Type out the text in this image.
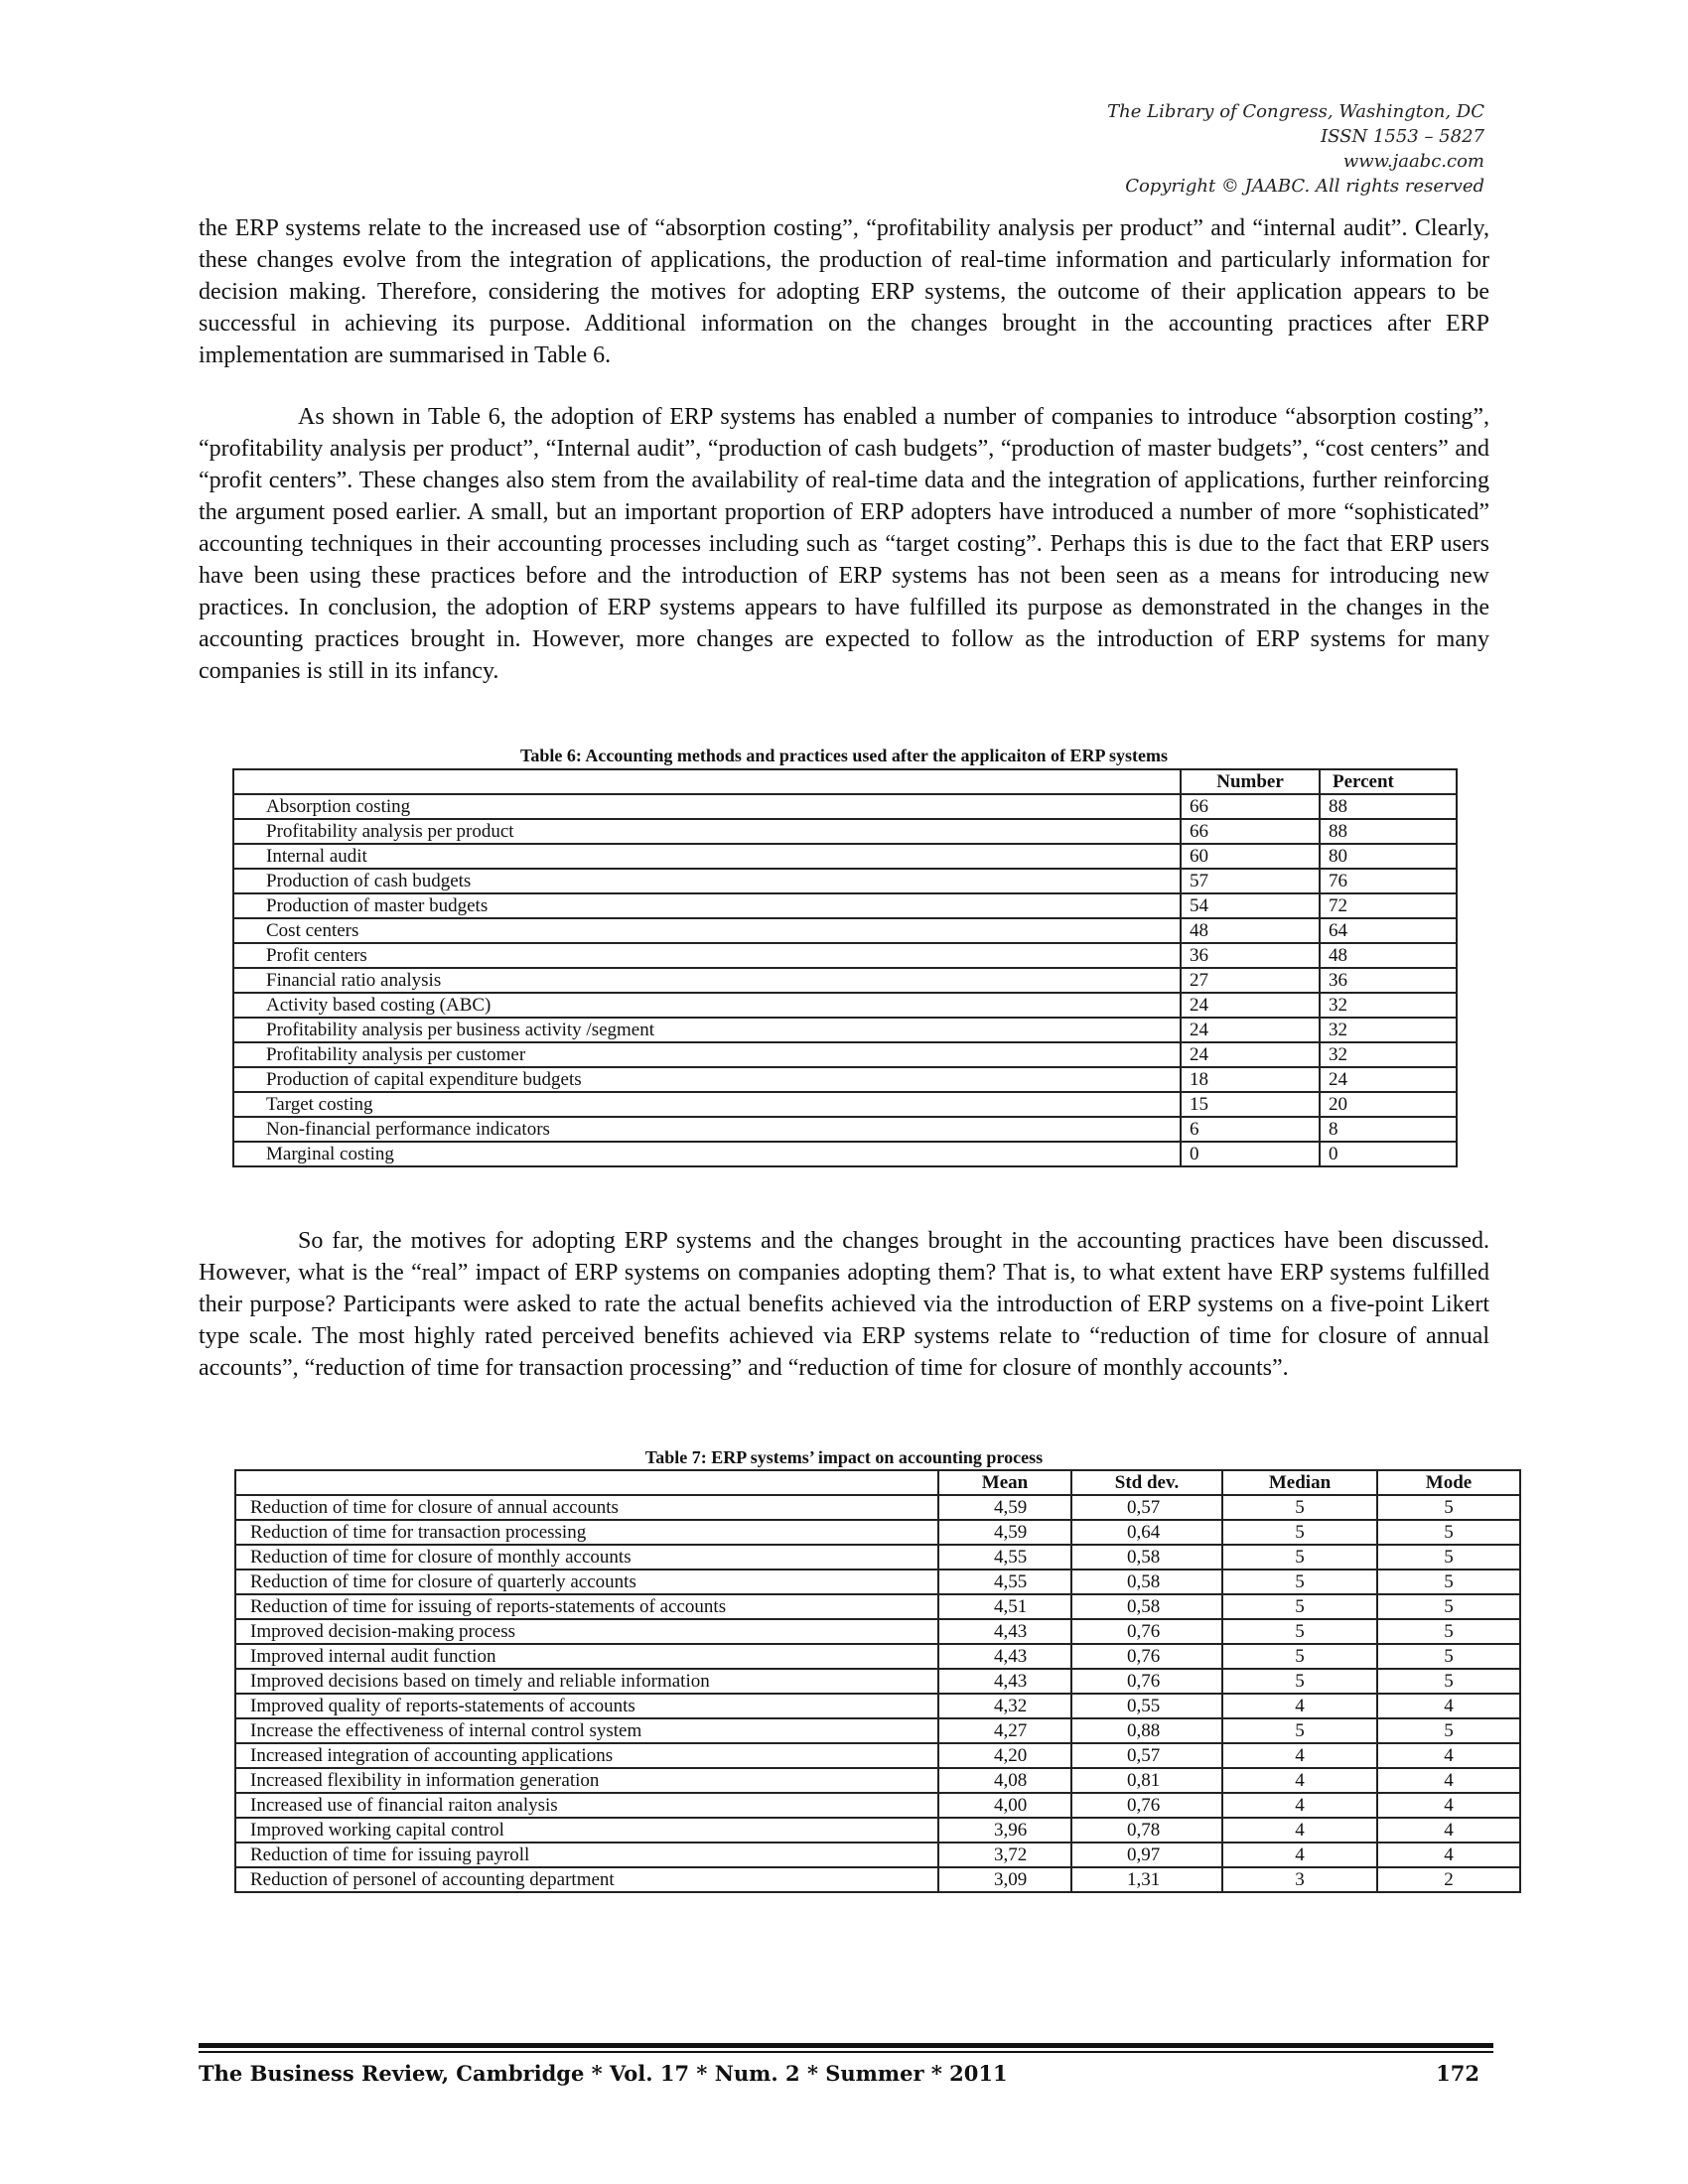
The Library of Congress, Washington, DC
ISSN 1553 – 5827
www.jaabc.com
Copyright © JAABC. All rights reserved

the ERP systems relate to the increased use of “absorption costing”, “profitability analysis per product” and “internal audit”. Clearly, these changes evolve from the integration of applications, the production of real-time information and particularly information for decision making. Therefore, considering the motives for adopting ERP systems, the outcome of their application appears to be successful in achieving its purpose. Additional information on the changes brought in the accounting practices after ERP implementation are summarised in Table 6.

As shown in Table 6, the adoption of ERP systems has enabled a number of companies to introduce “absorption costing”, “profitability analysis per product”, “Internal audit”, “production of cash budgets”, “production of master budgets”, “cost centers” and “profit centers”. These changes also stem from the availability of real-time data and the integration of applications, further reinforcing the argument posed earlier. A small, but an important proportion of ERP adopters have introduced a number of more “sophisticated” accounting techniques in their accounting processes including such as “target costing”. Perhaps this is due to the fact that ERP users have been using these practices before and the introduction of ERP systems has not been seen as a means for introducing new practices. In conclusion, the adoption of ERP systems appears to have fulfilled its purpose as demonstrated in the changes in the accounting practices brought in. However, more changes are expected to follow as the introduction of ERP systems for many companies is still in its infancy.

Table 6: Accounting methods and practices used after the applicaiton of ERP systems
	Number	Percent
Absorption costing	66	88
Profitability analysis per product	66	88
Internal audit	60	80
Production of cash budgets	57	76
Production of master budgets	54	72
Cost centers	48	64
Profit centers	36	48
Financial ratio analysis	27	36
Activity based costing (ABC)	24	32
Profitability analysis per business activity /segment	24	32
Profitability analysis per customer	24	32
Production of capital expenditure budgets	18	24
Target costing	15	20
Non-financial performance indicators	6	8
Marginal costing	0	0

So far, the motives for adopting ERP systems and the changes brought in the accounting practices have been discussed. However, what is the “real” impact of ERP systems on companies adopting them? That is, to what extent have ERP systems fulfilled their purpose? Participants were asked to rate the actual benefits achieved via the introduction of ERP systems on a five-point Likert type scale. The most highly rated perceived benefits achieved via ERP systems relate to “reduction of time for closure of annual accounts”, “reduction of time for transaction processing” and “reduction of time for closure of monthly accounts”.

Table 7: ERP systems’ impact on accounting process
	Mean	Std dev.	Median	Mode
Reduction of time for closure of annual accounts	4,59	0,57	5	5
Reduction of time for transaction processing	4,59	0,64	5	5
Reduction of time for closure of monthly accounts	4,55	0,58	5	5
Reduction of time for closure of quarterly accounts	4,55	0,58	5	5
Reduction of time for issuing of reports-statements of accounts	4,51	0,58	5	5
Improved decision-making process	4,43	0,76	5	5
Improved internal audit function	4,43	0,76	5	5
Improved decisions based on timely and reliable information	4,43	0,76	5	5
Improved quality of reports-statements of accounts	4,32	0,55	4	4
Increase the effectiveness of internal control system	4,27	0,88	5	5
Increased integration of accounting applications	4,20	0,57	4	4
Increased flexibility in information generation	4,08	0,81	4	4
Increased use of financial raiton analysis	4,00	0,76	4	4
Improved working capital control	3,96	0,78	4	4
Reduction of time for issuing payroll	3,72	0,97	4	4
Reduction of personel of accounting department	3,09	1,31	3	2
The Business Review, Cambridge * Vol. 17 * Num. 2 * Summer * 2011	172
